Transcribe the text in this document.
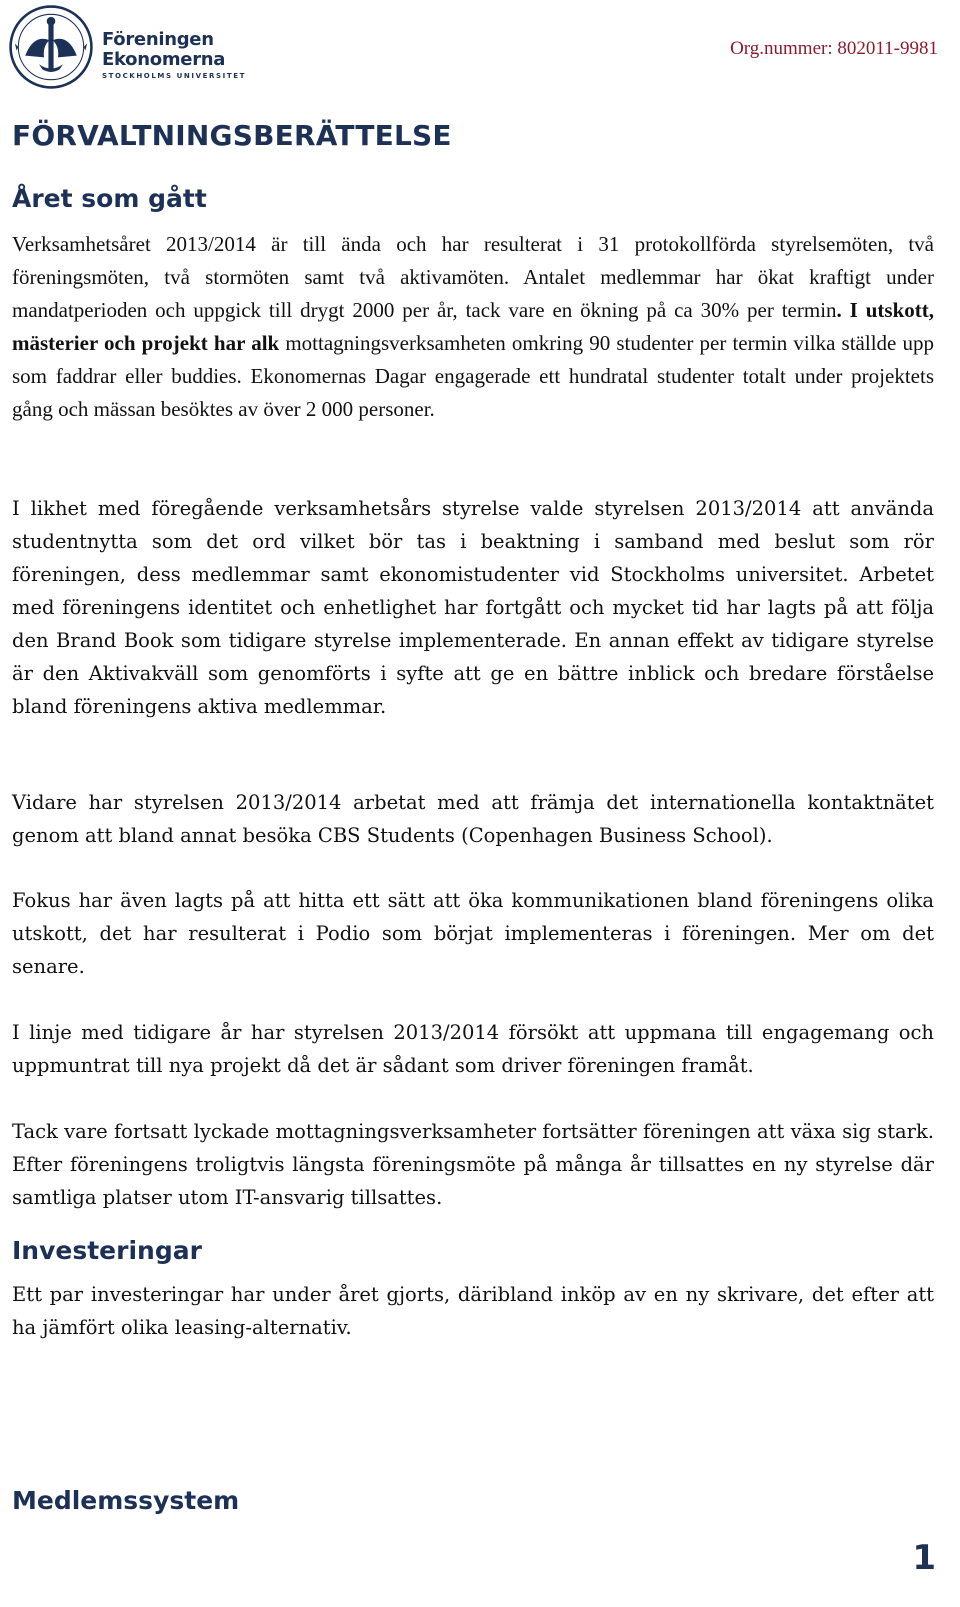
Föreningen
Ekonomerna
STOCKHOLMS UNIVERSITET
Org.nummer: 802011-9981
FÖRVALTNINGSBERÄTTELSE
Året som gått

Verksamhetsåret 2013/2014 är till ända och har resulterat i 31 protokollförda styrelsemöten, två föreningsmöten, två stormöten samt två aktivamöten. Antalet medlemmar har ökat kraftigt under mandatperioden och uppgick till drygt 2000 per år, tack vare en ökning på ca 30% per termin. I utskott, mästerier och projekt har alk mottagningsverksamheten omkring 90 studenter per termin vilka ställde upp som faddrar eller buddies. Ekonomernas Dagar engagerade ett hundratal studenter totalt under projektets gång och mässan besöktes av över 2 000 personer.

I likhet med föregående verksamhetsårs styrelse valde styrelsen 2013/2014 att använda studentnytta som det ord vilket bör tas i beaktning i samband med beslut som rör föreningen, dess medlemmar samt ekonomistudenter vid Stockholms universitet. Arbetet med föreningens identitet och enhetlighet har fortgått och mycket tid har lagts på att följa den Brand Book som tidigare styrelse implementerade. En annan effekt av tidigare styrelse är den Aktivakväll som genomförts i syfte att ge en bättre inblick och bredare förståelse bland föreningens aktiva medlemmar.

Vidare har styrelsen 2013/2014 arbetat med att främja det internationella kontaktnätet genom att bland annat besöka CBS Students (Copenhagen Business School).

Fokus har även lagts på att hitta ett sätt att öka kommunikationen bland föreningens olika utskott, det har resulterat i Podio som börjat implementeras i föreningen. Mer om det senare.

I linje med tidigare år har styrelsen 2013/2014 försökt att uppmana till engagemang och uppmuntrat till nya projekt då det är sådant som driver föreningen framåt.

Tack vare fortsatt lyckade mottagningsverksamheter fortsätter föreningen att växa sig stark. Efter föreningens troligtvis längsta föreningsmöte på många år tillsattes en ny styrelse där samtliga platser utom IT-ansvarig tillsattes.

Investeringar

Ett par investeringar har under året gjorts, däribland inköp av en ny skrivare, det efter att ha jämfört olika leasing-alternativ.

Medlemssystem
1
